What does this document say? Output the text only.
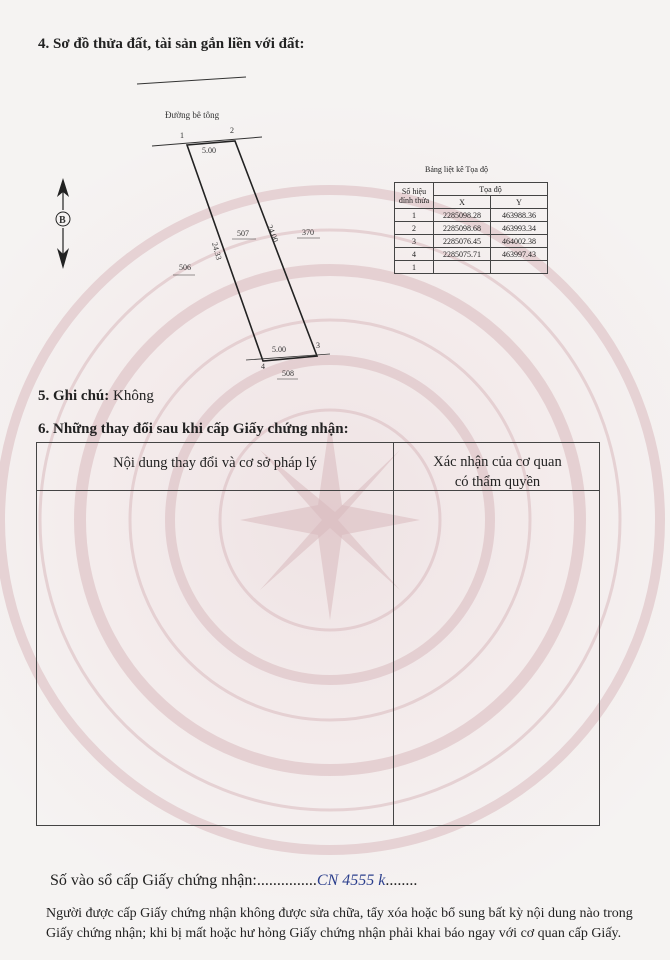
4. Sơ đồ thửa đất, tài sản gắn liền với đất:
Đường bê tông
1
2
3
4
5.00
5.00
24.00
24.33
507	370
506
508
B
Bảng liệt kê Tọa độ
Số hiệu đỉnh thửa	Tọa độ	
	X	Y
1	2285098.28	463988.36
2	2285098.68	463993.34
3	2285076.45	464002.38
4	2285075.71	463997.43
1		
5. Ghi chú: Không
6. Những thay đổi sau khi cấp Giấy chứng nhận:
Nội dung thay đổi và cơ sở pháp lý	Xác nhận của cơ quan
có thẩm quyền
Số vào sổ cấp Giấy chứng nhận:...............CN 4555 k........
Người được cấp Giấy chứng nhận không được sửa chữa, tẩy xóa hoặc bổ sung bất kỳ nội dung nào trong Giấy chứng nhận; khi bị mất hoặc hư hỏng Giấy chứng nhận phải khai báo ngay với cơ quan cấp Giấy.
